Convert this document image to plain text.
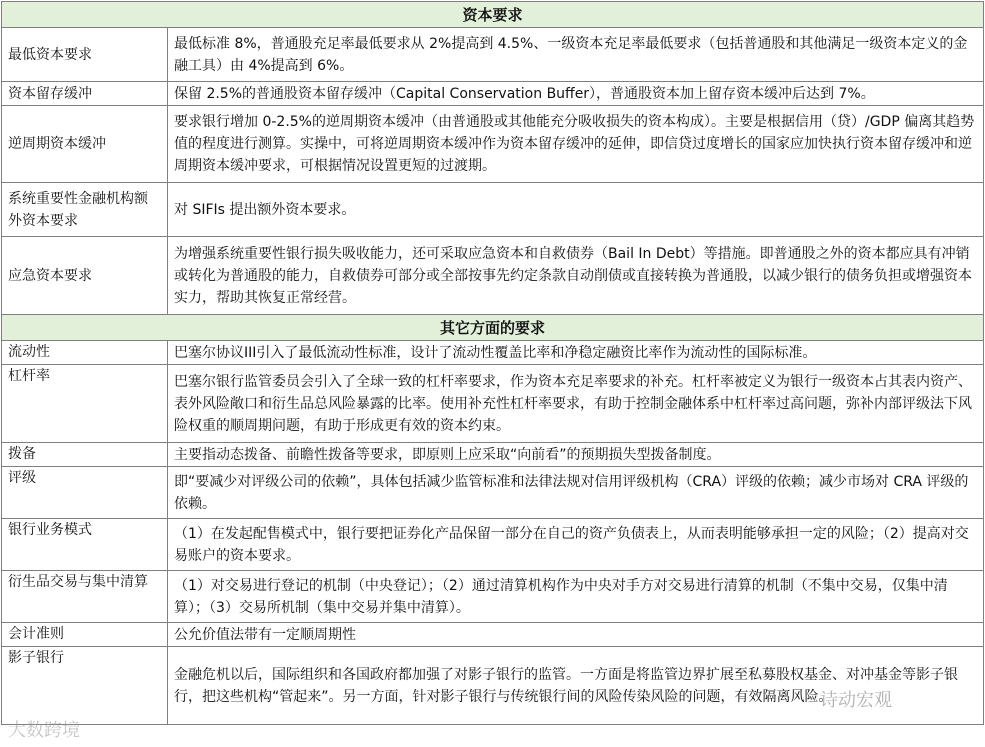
资本要求	
最低资本要求	最低标准 8%，普通股充足率最低要求从 2%提高到 4.5%、一级资本充足率最低要求（包括普通股和其他满足一级资本定义的金融工具）由 4%提高到 6%。
资本留存缓冲	保留 2.5%的普通股资本留存缓冲（Capital Conservation Buffer），普通股资本加上留存资本缓冲后达到 7%。
逆周期资本缓冲	要求银行增加 0-2.5%的逆周期资本缓冲（由普通股或其他能充分吸收损失的资本构成）。主要是根据信用（贷）/GDP 偏离其趋势值的程度进行测算。实操中，可将逆周期资本缓冲作为资本留存缓冲的延伸，即信贷过度增长的国家应加快执行资本留存缓冲和逆周期资本缓冲要求，可根据情况设置更短的过渡期。
系统重要性金融机构额外资本要求	对 SIFIs 提出额外资本要求。
应急资本要求	为增强系统重要性银行损失吸收能力，还可采取应急资本和自救债券（Bail In Debt）等措施。即普通股之外的资本都应具有冲销或转化为普通股的能力，自救债券可部分或全部按事先约定条款自动削债或直接转换为普通股，以减少银行的债务负担或增强资本实力，帮助其恢复正常经营。
其它方面的要求	
流动性	巴塞尔协议III引入了最低流动性标准，设计了流动性覆盖比率和净稳定融资比率作为流动性的国际标准。
杠杆率	巴塞尔银行监管委员会引入了全球一致的杠杆率要求，作为资本充足率要求的补充。杠杆率被定义为银行一级资本占其表内资产、表外风险敞口和衍生品总风险暴露的比率。使用补充性杠杆率要求，有助于控制金融体系中杠杆率过高问题，弥补内部评级法下风险权重的顺周期问题，有助于形成更有效的资本约束。
拨备	主要指动态拨备、前瞻性拨备等要求，即原则上应采取“向前看”的预期损失型拨备制度。
评级	即“要减少对评级公司的依赖”，具体包括减少监管标准和法律法规对信用评级机构（CRA）评级的依赖；减少市场对 CRA 评级的依赖。
银行业务模式	（1）在发起配售模式中，银行要把证券化产品保留一部分在自己的资产负债表上，从而表明能够承担一定的风险；（2）提高对交易账户的资本要求。
衍生品交易与集中清算	（1）对交易进行登记的机制（中央登记）；（2）通过清算机构作为中央对手方对交易进行清算的机制（不集中交易，仅集中清算）；（3）交易所机制（集中交易并集中清算）。
会计准则	公允价值法带有一定顺周期性
影子银行	金融危机以后，国际组织和各国政府都加强了对影子银行的监管。一方面是将监管边界扩展至私募股权基金、对冲基金等影子银行，把这些机构“管起来”。另一方面，针对影子银行与传统银行间的风险传染风险的问题，有效隔离风险。
大数跨境
诗动宏观
